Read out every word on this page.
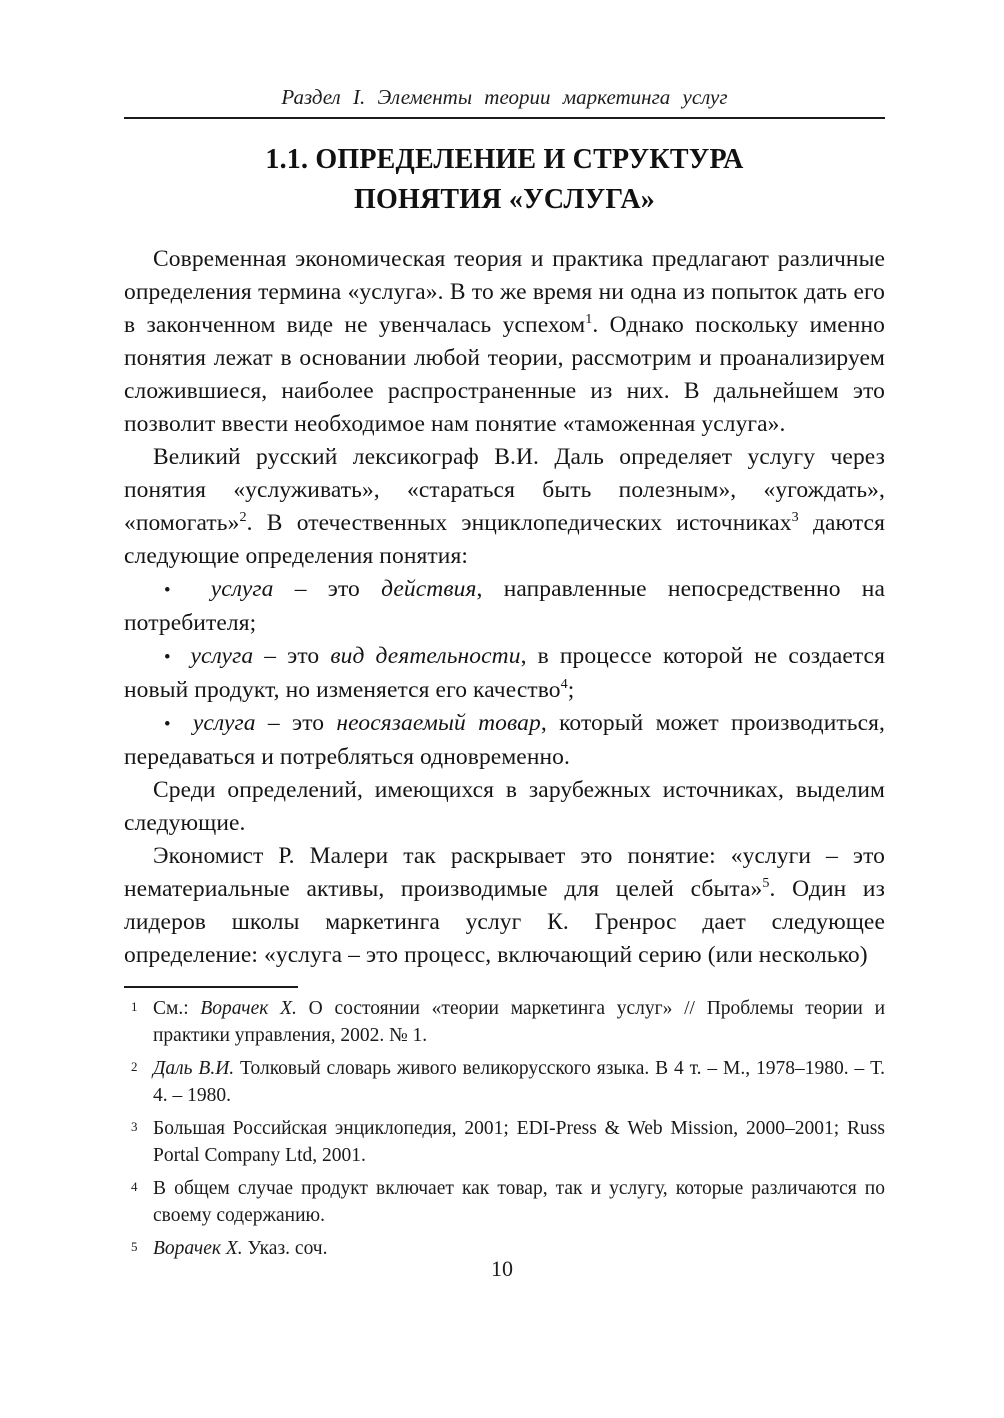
Раздел I. Элементы теории маркетинга услуг
1.1. ОПРЕДЕЛЕНИЕ И СТРУКТУРА
ПОНЯТИЯ «УСЛУГА»

Современная экономическая теория и практика предлагают различные определения термина «услуга». В то же время ни одна из попыток дать его в законченном виде не увенчалась успехом$^1$. Однако поскольку именно понятия лежат в основании любой теории, рассмотрим и проанализируем сложившиеся, наиболее распространенные из них. В дальнейшем это позволит ввести необходимое нам понятие «таможенная услуга».

Великий русский лексикограф В.И. Даль определяет услугу через понятия «услуживать», «стараться быть полезным», «угождать», «помогать»$^2$. В отечественных энциклопедических источниках$^3$ даются следующие определения понятия:

•  услуга – это действия, направленные непосредственно на потребителя;

•  услуга – это вид деятельности, в процессе которой не создается новый продукт, но изменяется его качество$^4$;

•  услуга – это неосязаемый товар, который может производиться, передаваться и потребляться одновременно.

Среди определений, имеющихся в зарубежных источниках, выделим следующие.

Экономист Р. Малери так раскрывает это понятие: «услуги – это нематериальные активы, производимые для целей сбыта»$^5$. Один из лидеров школы маркетинга услуг К. Гренрос дает следующее определение: «услуга – это процесс, включающий серию (или несколько)

1 См.: Ворачек Х. О состоянии «теории маркетинга услуг» // Проблемы теории и практики управления, 2002. № 1.
2 Даль В.И. Толковый словарь живого великорусского языка. В 4 т. – М., 1978–1980. – Т. 4. – 1980.
3 Большая Российская энциклопедия, 2001; EDI-Press & Web Mission, 2000–2001; Russ Portal Company Ltd, 2001.
4 В общем случае продукт включает как товар, так и услугу, которые различаются по своему содержанию.
5 Ворачек Х. Указ. соч.
10
